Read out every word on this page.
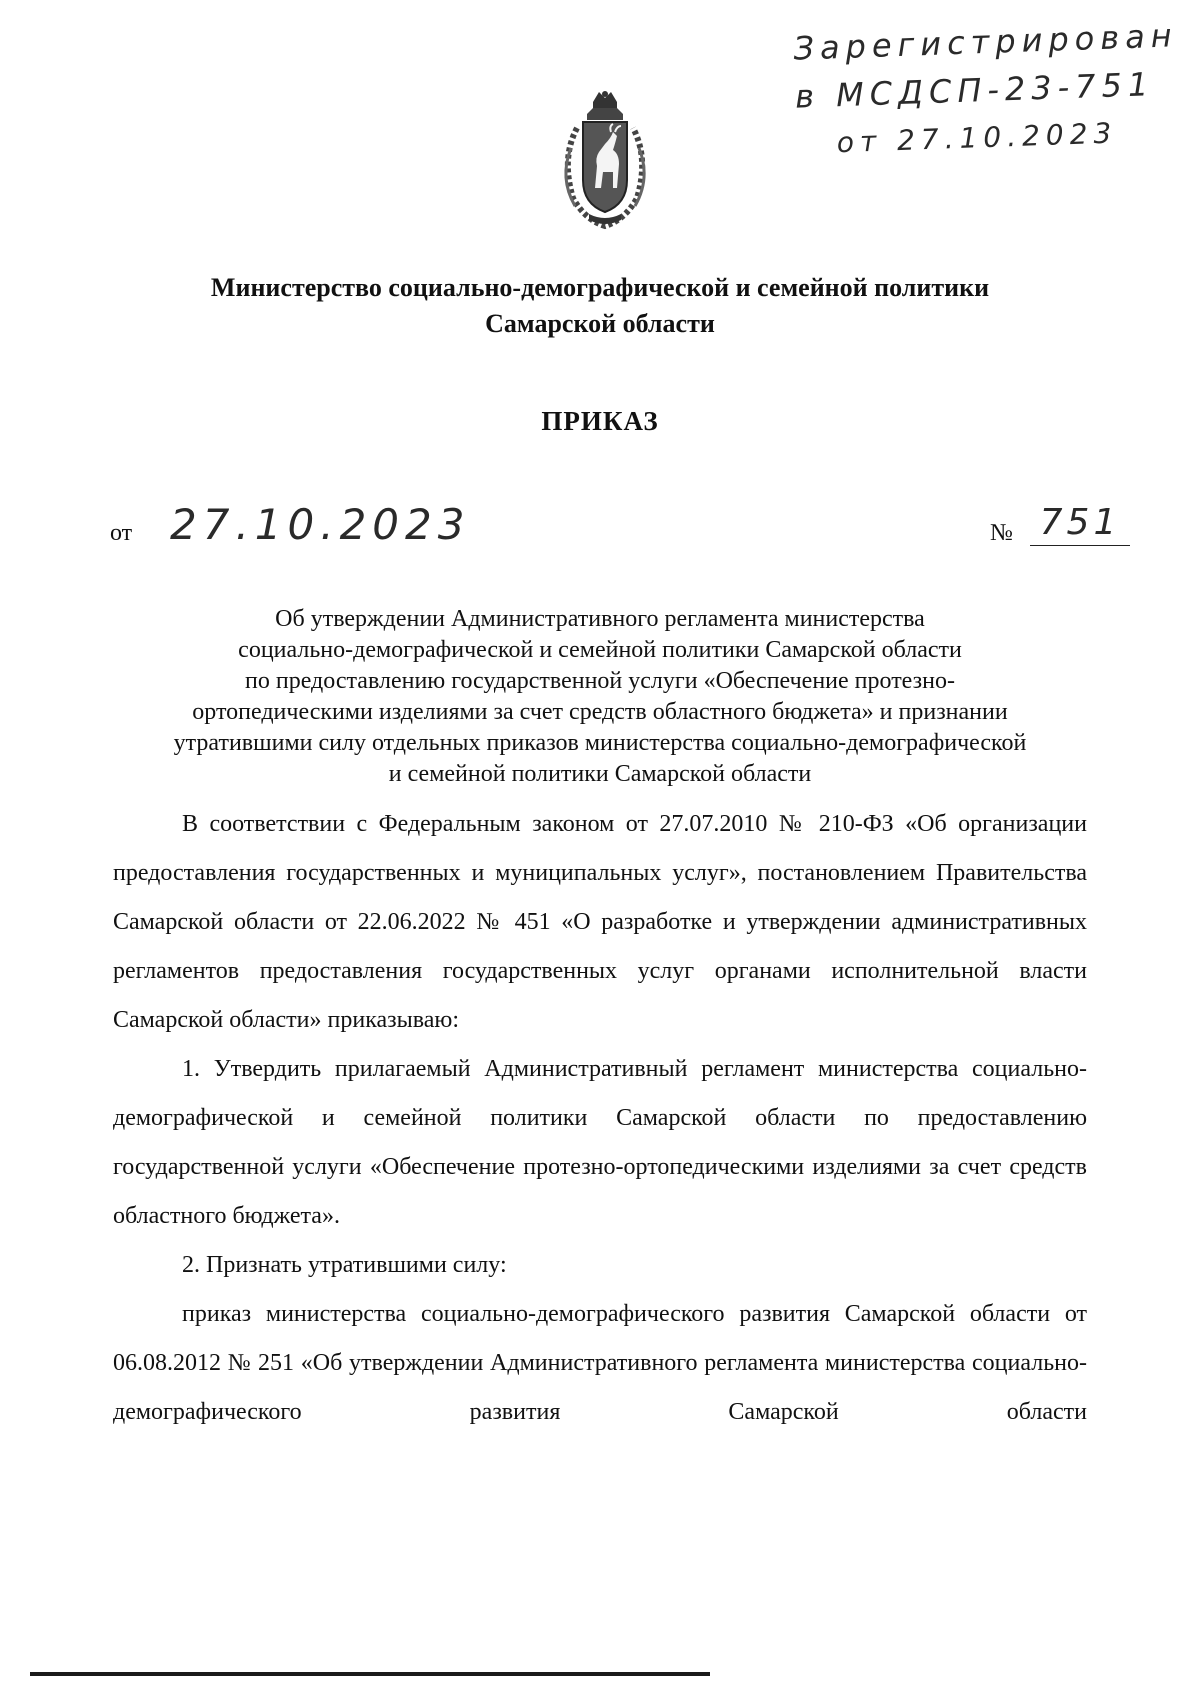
Зарегистрирован
в МСДСП-23-751
от 27.10.2023
Министерство социально-демографической и семейной политики
Самарской области
ПРИКАЗ
от 27.10.2023	№ 751
Об утверждении Административного регламента министерства
социально-демографической и семейной политики Самарской области
по предоставлению государственной услуги «Обеспечение протезно-
ортопедическими изделиями за счет средств областного бюджета» и признании
утратившими силу отдельных приказов министерства социально-демографической
и семейной политики Самарской области

В соответствии с Федеральным законом от 27.07.2010 № 210-ФЗ «Об организации предоставления государственных и муниципальных услуг», постановлением Правительства Самарской области от 22.06.2022 № 451 «О разработке и утверждении административных регламентов предоставления государственных услуг органами исполнительной власти Самарской области» приказываю:

1. Утвердить прилагаемый Административный регламент министерства социально-демографической и семейной политики Самарской области по предоставлению государственной услуги «Обеспечение протезно-ортопедическими изделиями за счет средств областного бюджета».

2. Признать утратившими силу:

приказ министерства социально-демографического развития Самарской области от 06.08.2012 № 251 «Об утверждении Административного регламента министерства социально-демографического развития Самарской области
